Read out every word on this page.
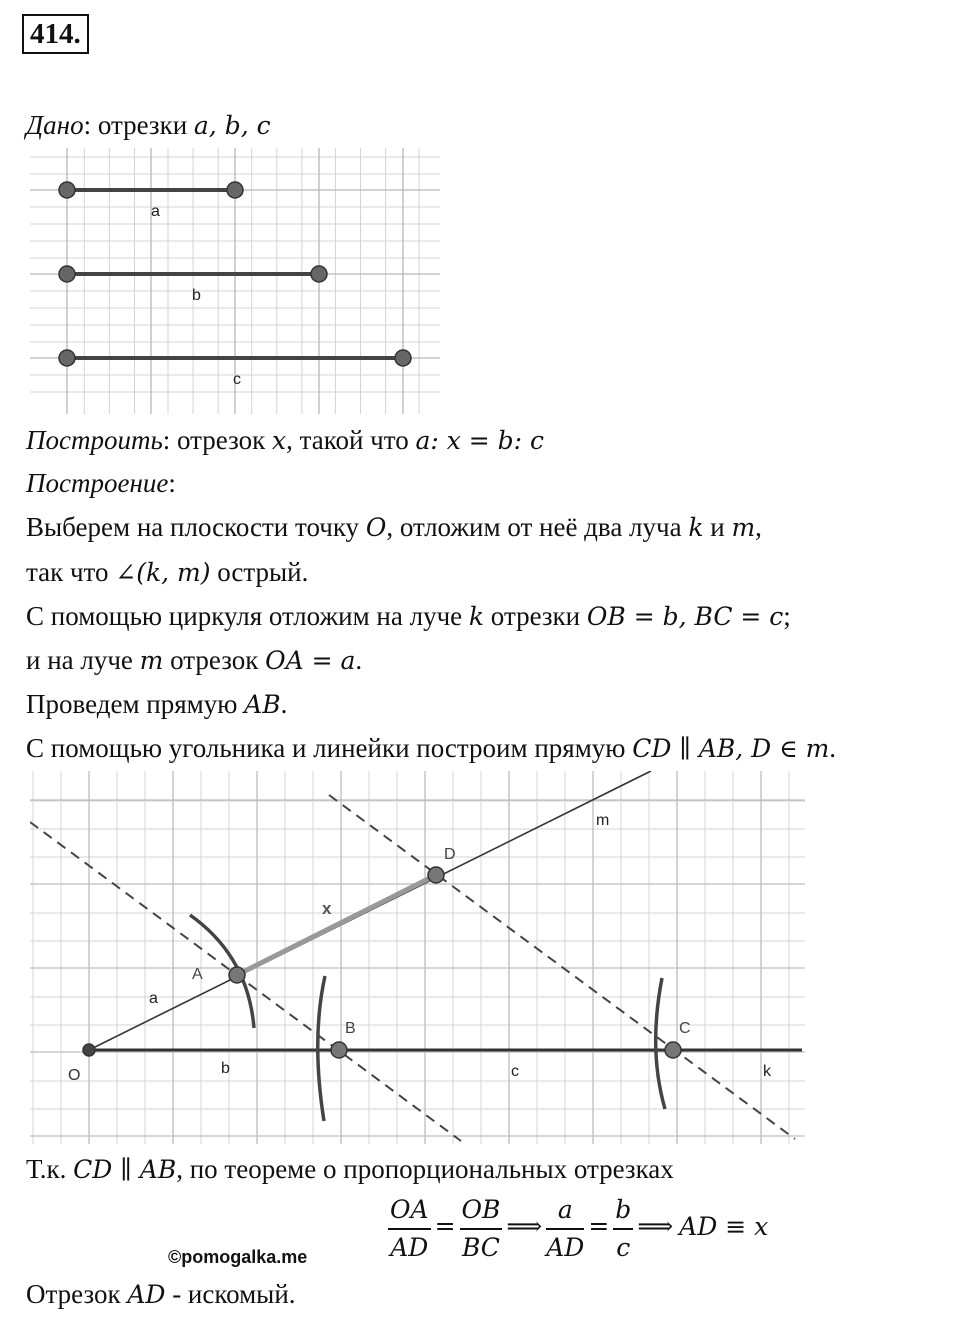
414.
Дано: отрезки a, b, c
a
b
c
Построить: отрезок x, такой что a: x = b: c
Построение:
Выберем на плоскости точку O, отложим от неё два луча k и m,
так что ∠(k, m) острый.
С помощью циркуля отложим на луче k отрезки OB = b, BC = c;
и на луче m отрезок OA = a.
Проведем прямую AB.
С помощью угольника и линейки построим прямую CD ∥ AB, D ∈ m.
O
A
B	C
D
a
b	c
x
m
k
Т.к. CD ∥ AB, по теореме о пропорциональных отрезках
$\frac{OA}{AD} = \frac{OB}{BC}$ ⟹ $\frac{a}{AD} = \frac{b}{c}$ ⟹ AD ≡ x
©pomogalka.me
Отрезок AD - искомый.
